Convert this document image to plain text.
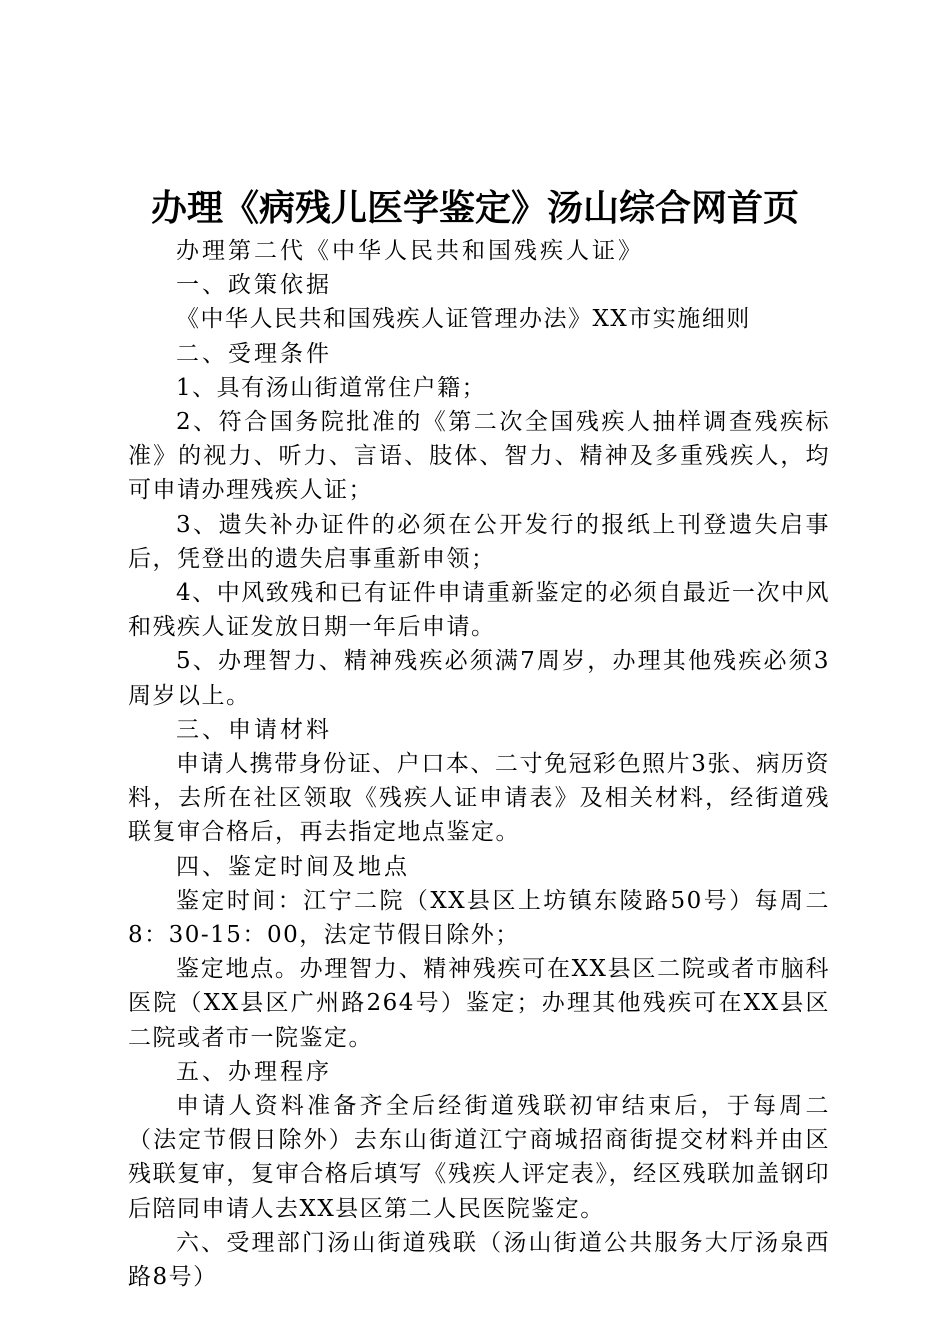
办理《病残儿医学鉴定》汤山综合网首页

办理第二代《中华人民共和国残疾人证》

一、政策依据

《中华人民共和国残疾人证管理办法》XX市实施细则

二、受理条件

1、具有汤山街道常住户籍；

2、符合国务院批准的《第二次全国残疾人抽样调查残疾标准》的视力、听力、言语、肢体、智力、精神及多重残疾人，均可申请办理残疾人证；

3、遗失补办证件的必须在公开发行的报纸上刊登遗失启事后，凭登出的遗失启事重新申领；

4、中风致残和已有证件申请重新鉴定的必须自最近一次中风和残疾人证发放日期一年后申请。

5、办理智力、精神残疾必须满7周岁，办理其他残疾必须3周岁以上。

三、申请材料

申请人携带身份证、户口本、二寸免冠彩色照片3张、病历资料，去所在社区领取《残疾人证申请表》及相关材料，经街道残联复审合格后，再去指定地点鉴定。

四、鉴定时间及地点

鉴定时间：江宁二院（XX县区上坊镇东陵路50号）每周二8：30-15：00，法定节假日除外；

鉴定地点。办理智力、精神残疾可在XX县区二院或者市脑科医院（XX县区广州路264号）鉴定；办理其他残疾可在XX县区二院或者市一院鉴定。

五、办理程序

申请人资料准备齐全后经街道残联初审结束后，于每周二（法定节假日除外）去东山街道江宁商城招商街提交材料并由区残联复审，复审合格后填写《残疾人评定表》，经区残联加盖钢印后陪同申请人去XX县区第二人民医院鉴定。

六、受理部门汤山街道残联（汤山街道公共服务大厅汤泉西路8号）
